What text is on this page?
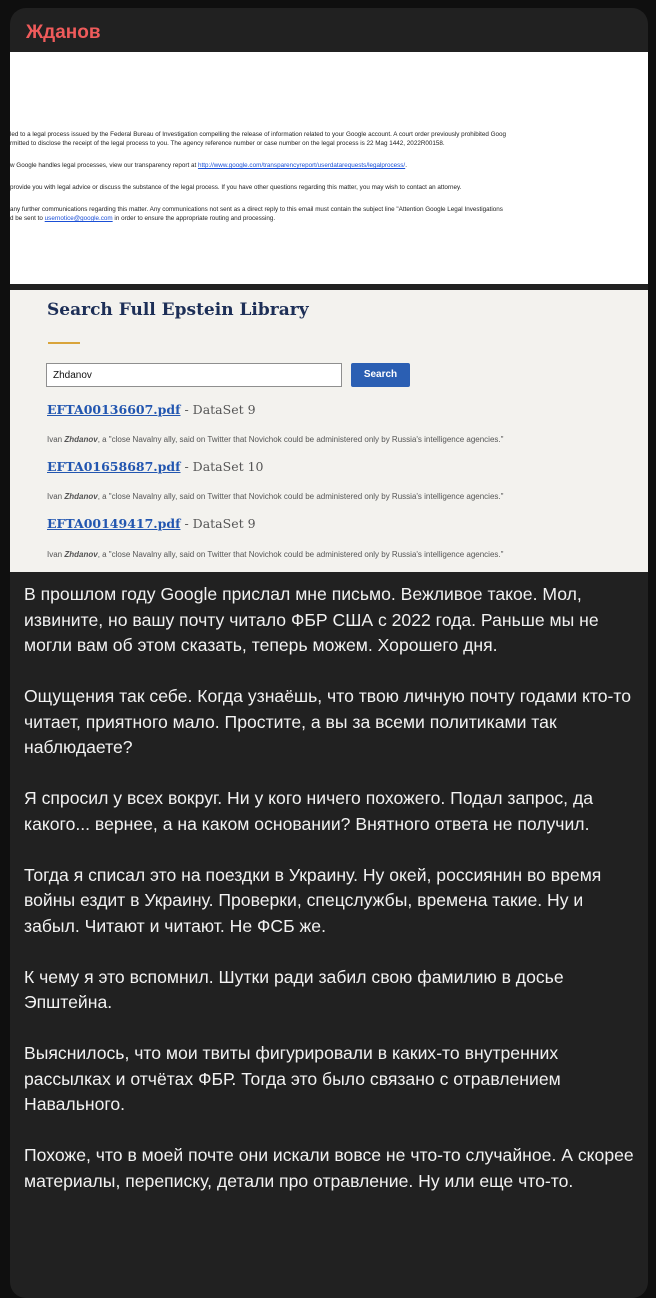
Жданов
led to a legal process issued by the Federal Bureau of Investigation compelling the release of information related to your Google account. A court order previously prohibited Goog
rmitted to disclose the receipt of the legal process to you. The agency reference number or case number on the legal process is 22 Mag 1442, 2022R00158.
w Google handles legal processes, view our transparency report at http://www.google.com/transparencyreport/userdatarequests/legalprocess/.
provide you with legal advice or discuss the substance of the legal process. If you have other questions regarding this matter, you may wish to contact an attorney.
any further communications regarding this matter. Any communications not sent as a direct reply to this email must contain the subject line "Attention Google Legal Investigations
d be sent to usernotice@google.com in order to ensure the appropriate routing and processing.
Search Full Epstein Library
Zhdanov	Search
EFTA00136607.pdf - DataSet 9
Ivan Zhdanov, a "close Navalny ally, said on Twitter that Novichok could be administered only by Russia's intelligence agencies."
EFTA01658687.pdf - DataSet 10
Ivan Zhdanov, a "close Navalny ally, said on Twitter that Novichok could be administered only by Russia's intelligence agencies."
EFTA00149417.pdf - DataSet 9
Ivan Zhdanov, a "close Navalny ally, said on Twitter that Novichok could be administered only by Russia's intelligence agencies."

В прошлом году Google прислал мне письмо. Вежливое такое. Мол, извините, но вашу почту читало ФБР США с 2022 года. Раньше мы не могли вам об этом сказать, теперь можем. Хорошего дня.

Ощущения так себе. Когда узнаёшь, что твою личную почту годами кто-то читает, приятного мало. Простите, а вы за всеми политиками так наблюдаете?

Я спросил у всех вокруг. Ни у кого ничего похожего. Подал запрос, да какого... вернее, а на каком основании? Внятного ответа не получил.

Тогда я списал это на поездки в Украину. Ну окей, россиянин во время войны ездит в Украину. Проверки, спецслужбы, времена такие. Ну и забыл. Читают и читают. Не ФСБ же.

К чему я это вспомнил. Шутки ради забил свою фамилию в досье Эпштейна.

Выяснилось, что мои твиты фигурировали в каких-то внутренних рассылках и отчётах ФБР. Тогда это было связано с отравлением Навального.

Похоже, что в моей почте они искали вовсе не что-то случайное. А скорее материалы, переписку, детали про отравление. Ну или еще что-то.
